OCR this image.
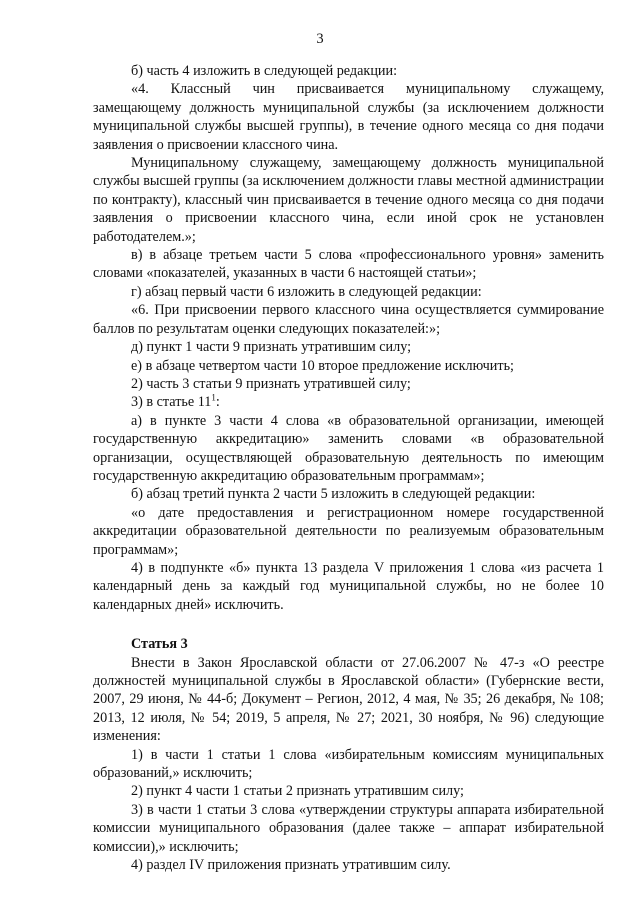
3

б) часть 4 изложить в следующей редакции:

«4. Классный чин присваивается муниципальному служащему, замещающему должность муниципальной службы (за исключением должности муниципальной службы высшей группы), в течение одного месяца со дня подачи заявления о присвоении классного чина.

Муниципальному служащему, замещающему должность муниципальной службы высшей группы (за исключением должности главы местной администрации по контракту), классный чин присваивается в течение одного месяца со дня подачи заявления о присвоении классного чина, если иной срок не установлен работодателем.»;

в) в абзаце третьем части 5 слова «профессионального уровня» заменить словами «показателей, указанных в части 6 настоящей статьи»;

г) абзац первый части 6 изложить в следующей редакции:

«6. При присвоении первого классного чина осуществляется суммирование баллов по результатам оценки следующих показателей:»;

д) пункт 1 части 9 признать утратившим силу;

е) в абзаце четвертом части 10 второе предложение исключить;

2) часть 3 статьи 9 признать утратившей силу;

3) в статье $11^1$:

а) в пункте 3 части 4 слова «в образовательной организации, имеющей государственную аккредитацию» заменить словами «в образовательной организации, осуществляющей образовательную деятельность по имеющим государственную аккредитацию образовательным программам»;

б) абзац третий пункта 2 части 5 изложить в следующей редакции:

«о дате предоставления и регистрационном номере государственной аккредитации образовательной деятельности по реализуемым образовательным программам»;

4) в подпункте «б» пункта 13 раздела V приложения 1 слова «из расчета 1 календарный день за каждый год муниципальной службы, но не более 10 календарных дней» исключить.

Статья 3

Внести в Закон Ярославской области от 27.06.2007 № 47-з «О реестре должностей муниципальной службы в Ярославской области» (Губернские вести, 2007, 29 июня, № 44-б; Документ – Регион, 2012, 4 мая, № 35; 26 декабря, № 108; 2013, 12 июля, № 54; 2019, 5 апреля, № 27; 2021, 30 ноября, № 96) следующие изменения:

1) в части 1 статьи 1 слова «избирательным комиссиям муниципальных образований,» исключить;

2) пункт 4 части 1 статьи 2 признать утратившим силу;

3) в части 1 статьи 3 слова «утверждении структуры аппарата избирательной комиссии муниципального образования (далее также – аппарат избирательной комиссии),» исключить;

4) раздел IV приложения признать утратившим силу.
